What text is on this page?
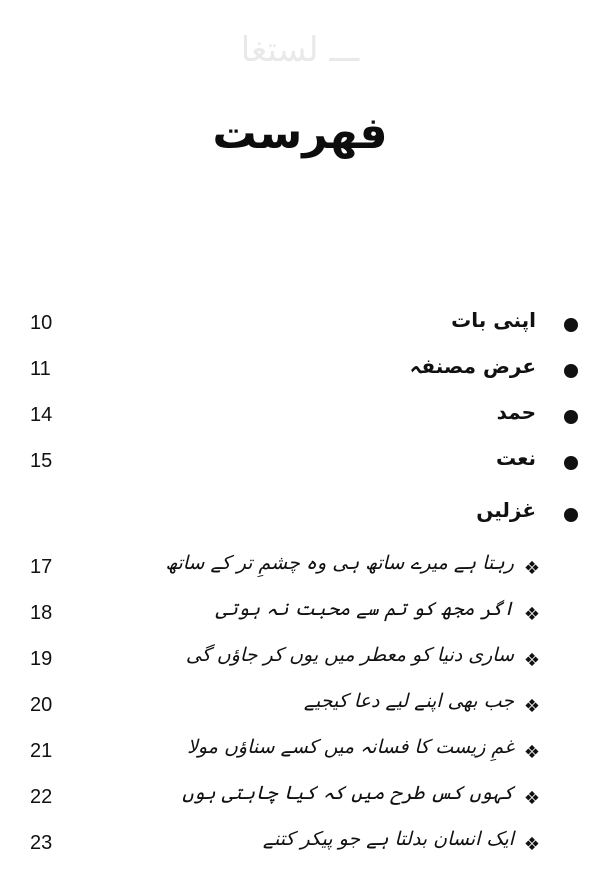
ـــ لستغا
فهرست
10	اپنی بات
11	عرض مصنفہ
14	حمد
15	نعت
غزلیں
17	رہتا ہے میرے ساتھ ہی وہ چشمِ تر کے ساتھ ❖
18	اگر مجھ کو تم سے محبت نہ ہوتی ❖
19	ساری دنیا کو معطر میں یوں کر جاؤں گی ❖
20	جب بھی اپنے لیے دعا کیجیے ❖
21	غمِ زیست کا فسانہ میں کسے سناؤں مولا ❖
22	کہوں کس طرح میں کہ کیا چاہتی ہوں ❖
23	ایک انسان بدلتا ہے جو پیکر کتنے ❖
